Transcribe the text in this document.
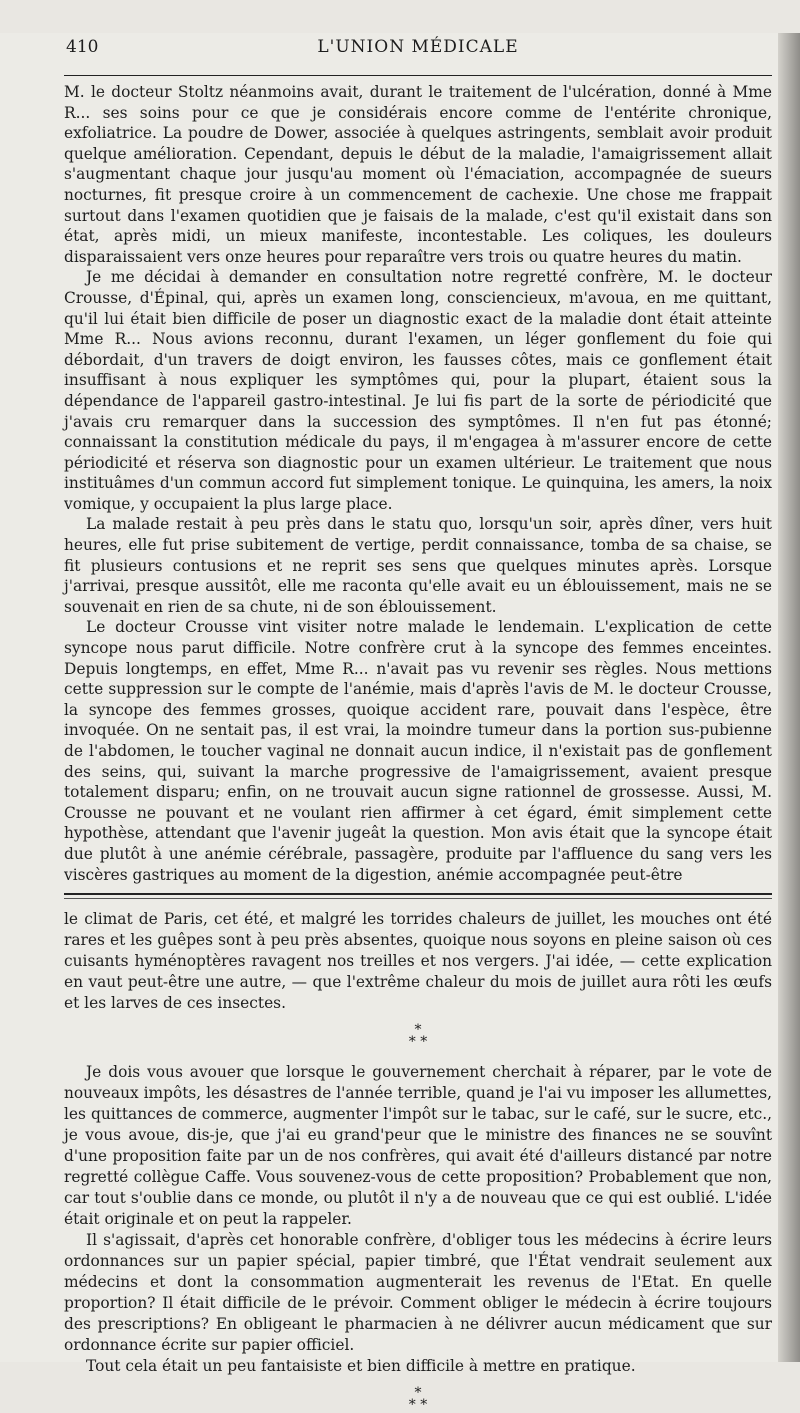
410	L'UNION MÉDICALE

M. le docteur Stoltz néanmoins avait, durant le traitement de l'ulcération, donné à Mme R... ses soins pour ce que je considérais encore comme de l'entérite chronique, exfoliatrice. La poudre de Dower, associée à quelques astringents, semblait avoir produit quelque amélioration. Cependant, depuis le début de la maladie, l'amaigrissement allait s'augmentant chaque jour jusqu'au moment où l'émaciation, accompagnée de sueurs nocturnes, fit presque croire à un commencement de cachexie. Une chose me frappait surtout dans l'examen quotidien que je faisais de la malade, c'est qu'il existait dans son état, après midi, un mieux manifeste, incontestable. Les coliques, les douleurs disparaissaient vers onze heures pour reparaître vers trois ou quatre heures du matin.

Je me décidai à demander en consultation notre regretté confrère, M. le docteur Crousse, d'Épinal, qui, après un examen long, consciencieux, m'avoua, en me quittant, qu'il lui était bien difficile de poser un diagnostic exact de la maladie dont était atteinte Mme R... Nous avions reconnu, durant l'examen, un léger gonflement du foie qui débordait, d'un travers de doigt environ, les fausses côtes, mais ce gonflement était insuffisant à nous expliquer les symptômes qui, pour la plupart, étaient sous la dépendance de l'appareil gastro-intestinal. Je lui fis part de la sorte de périodicité que j'avais cru remarquer dans la succession des symptômes. Il n'en fut pas étonné; connaissant la constitution médicale du pays, il m'engagea à m'assurer encore de cette périodicité et réserva son diagnostic pour un examen ultérieur. Le traitement que nous instituâmes d'un commun accord fut simplement tonique. Le quinquina, les amers, la noix vomique, y occupaient la plus large place.

La malade restait à peu près dans le statu quo, lorsqu'un soir, après dîner, vers huit heures, elle fut prise subitement de vertige, perdit connaissance, tomba de sa chaise, se fit plusieurs contusions et ne reprit ses sens que quelques minutes après. Lorsque j'arrivai, presque aussitôt, elle me raconta qu'elle avait eu un éblouissement, mais ne se souvenait en rien de sa chute, ni de son éblouissement.

Le docteur Crousse vint visiter notre malade le lendemain. L'explication de cette syncope nous parut difficile. Notre confrère crut à la syncope des femmes enceintes. Depuis longtemps, en effet, Mme R... n'avait pas vu revenir ses règles. Nous mettions cette suppression sur le compte de l'anémie, mais d'après l'avis de M. le docteur Crousse, la syncope des femmes grosses, quoique accident rare, pouvait dans l'espèce, être invoquée. On ne sentait pas, il est vrai, la moindre tumeur dans la portion sus-pubienne de l'abdomen, le toucher vaginal ne donnait aucun indice, il n'existait pas de gonflement des seins, qui, suivant la marche progressive de l'amaigrissement, avaient presque totalement disparu; enfin, on ne trouvait aucun signe rationnel de grossesse. Aussi, M. Crousse ne pouvant et ne voulant rien affirmer à cet égard, émit simplement cette hypothèse, attendant que l'avenir jugeât la question. Mon avis était que la syncope était due plutôt à une anémie cérébrale, passagère, produite par l'affluence du sang vers les viscères gastriques au moment de la digestion, anémie accompagnée peut-être

le climat de Paris, cet été, et malgré les torrides chaleurs de juillet, les mouches ont été rares et les guêpes sont à peu près absentes, quoique nous soyons en pleine saison où ces cuisants hyménoptères ravagent nos treilles et nos vergers. J'ai idée, — cette explication en vaut peut-être une autre, — que l'extrême chaleur du mois de juillet aura rôti les œufs et les larves de ces insectes.

*
* *

Je dois vous avouer que lorsque le gouvernement cherchait à réparer, par le vote de nouveaux impôts, les désastres de l'année terrible, quand je l'ai vu imposer les allumettes, les quittances de commerce, augmenter l'impôt sur le tabac, sur le café, sur le sucre, etc., je vous avoue, dis-je, que j'ai eu grand'peur que le ministre des finances ne se souvînt d'une proposition faite par un de nos confrères, qui avait été d'ailleurs distancé par notre regretté collègue Caffe. Vous souvenez-vous de cette proposition? Probablement que non, car tout s'oublie dans ce monde, ou plutôt il n'y a de nouveau que ce qui est oublié. L'idée était originale et on peut la rappeler.

Il s'agissait, d'après cet honorable confrère, d'obliger tous les médecins à écrire leurs ordonnances sur un papier spécial, papier timbré, que l'État vendrait seulement aux médecins et dont la consommation augmenterait les revenus de l'Etat. En quelle proportion? Il était difficile de le prévoir. Comment obliger le médecin à écrire toujours des prescriptions? En obligeant le pharmacien à ne délivrer aucun médicament que sur ordonnance écrite sur papier officiel.

Tout cela était un peu fantaisiste et bien difficile à mettre en pratique.

*
* *
